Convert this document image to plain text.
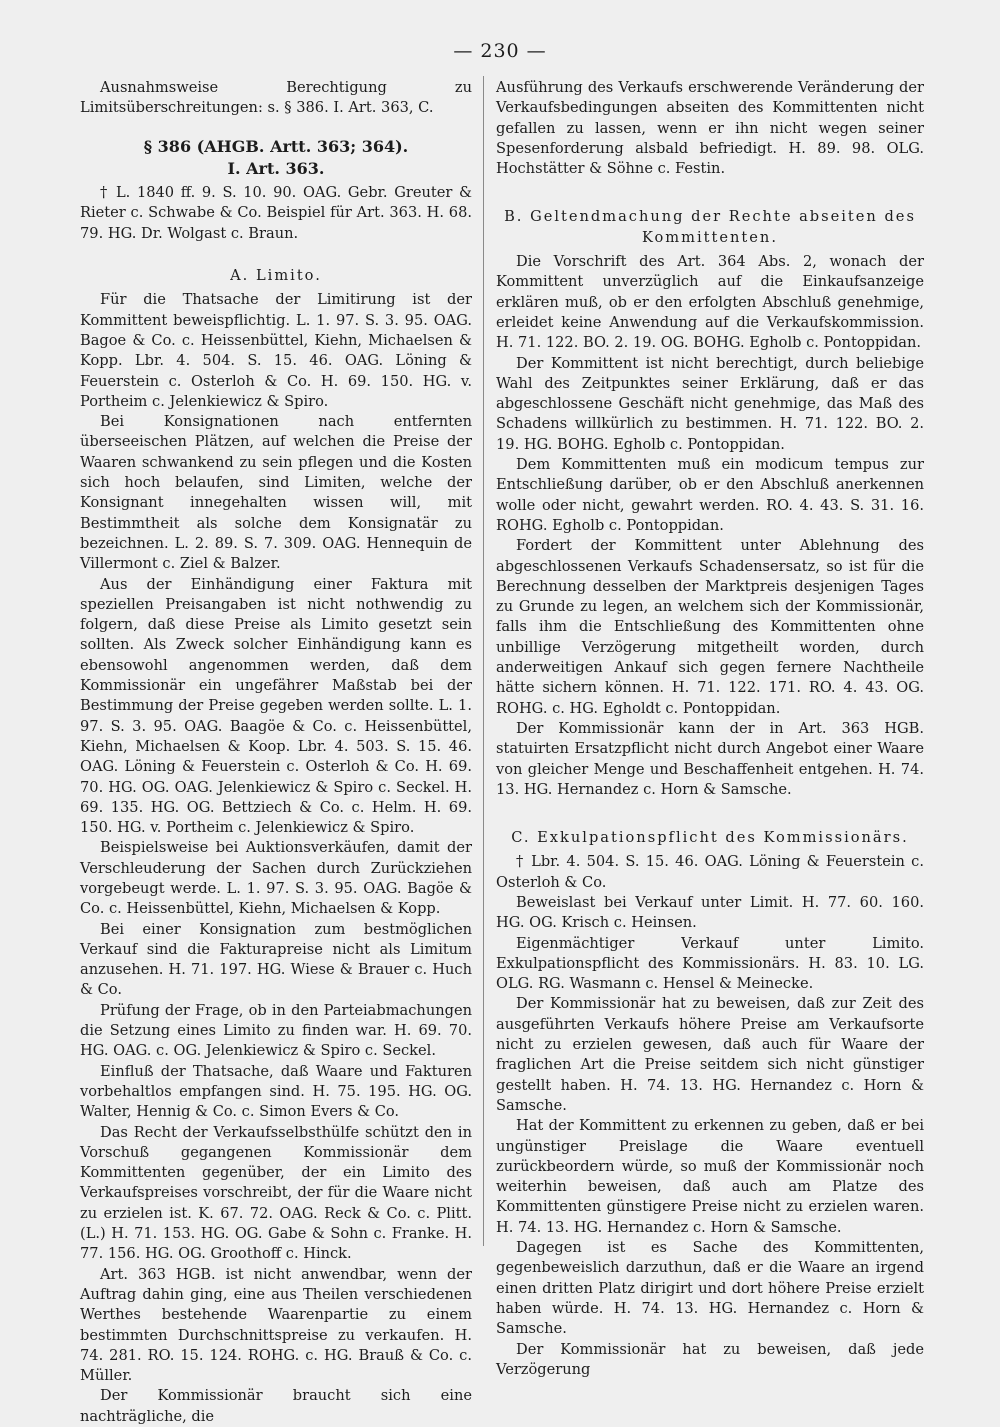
— 230 —

Ausnahmsweise Berechtigung zu Limitsüberschreitungen: s. § 386. I. Art. 363, C.

§ 386 (AHGB. Artt. 363; 364).

I. Art. 363.

† L. 1840 ff. 9. S. 10. 90. OAG. Gebr. Greuter & Rieter c. Schwabe & Co. Beispiel für Art. 363. H. 68. 79. HG. Dr. Wolgast c. Braun.

A. Limito.

Für die Thatsache der Limitirung ist der Kommittent beweispflichtig. L. 1. 97. S. 3. 95. OAG. Bagoe & Co. c. Heissenbüttel, Kiehn, Michaelsen & Kopp. Lbr. 4. 504. S. 15. 46. OAG. Löning & Feuerstein c. Osterloh & Co. H. 69. 150. HG. v. Portheim c. Jelenkiewicz & Spiro.

Bei Konsignationen nach entfernten überseeischen Plätzen, auf welchen die Preise der Waaren schwankend zu sein pflegen und die Kosten sich hoch belaufen, sind Limiten, welche der Konsignant innegehalten wissen will, mit Bestimmtheit als solche dem Konsignatär zu bezeichnen. L. 2. 89. S. 7. 309. OAG. Hennequin de Villermont c. Ziel & Balzer.

Aus der Einhändigung einer Faktura mit speziellen Preisangaben ist nicht nothwendig zu folgern, daß diese Preise als Limito gesetzt sein sollten. Als Zweck solcher Einhändigung kann es ebensowohl angenommen werden, daß dem Kommissionär ein ungefährer Maßstab bei der Bestimmung der Preise gegeben werden sollte. L. 1. 97. S. 3. 95. OAG. Baagöe & Co. c. Heissenbüttel, Kiehn, Michaelsen & Koop. Lbr. 4. 503. S. 15. 46. OAG. Löning & Feuerstein c. Osterloh & Co. H. 69. 70. HG. OG. OAG. Jelenkiewicz & Spiro c. Seckel. H. 69. 135. HG. OG. Bettziech & Co. c. Helm. H. 69. 150. HG. v. Portheim c. Jelenkiewicz & Spiro.

Beispielsweise bei Auktionsverkäufen, damit der Verschleuderung der Sachen durch Zurückziehen vorgebeugt werde. L. 1. 97. S. 3. 95. OAG. Bagöe & Co. c. Heissenbüttel, Kiehn, Michaelsen & Kopp.

Bei einer Konsignation zum bestmöglichen Verkauf sind die Fakturapreise nicht als Limitum anzusehen. H. 71. 197. HG. Wiese & Brauer c. Huch & Co.

Prüfung der Frage, ob in den Parteiabmachungen die Setzung eines Limito zu finden war. H. 69. 70. HG. OAG. c. OG. Jelenkiewicz & Spiro c. Seckel.

Einfluß der Thatsache, daß Waare und Fakturen vorbehaltlos empfangen sind. H. 75. 195. HG. OG. Walter, Hennig & Co. c. Simon Evers & Co.

Das Recht der Verkaufsselbsthülfe schützt den in Vorschuß gegangenen Kommissionär dem Kommittenten gegenüber, der ein Limito des Verkaufspreises vorschreibt, der für die Waare nicht zu erzielen ist. K. 67. 72. OAG. Reck & Co. c. Plitt. (L.) H. 71. 153. HG. OG. Gabe & Sohn c. Franke. H. 77. 156. HG. OG. Groothoff c. Hinck.

Art. 363 HGB. ist nicht anwendbar, wenn der Auftrag dahin ging, eine aus Theilen verschiedenen Werthes bestehende Waarenpartie zu einem bestimmten Durchschnittspreise zu verkaufen. H. 74. 281. RO. 15. 124. ROHG. c. HG. Brauß & Co. c. Müller.

Der Kommissionär braucht sich eine nachträgliche, die

Ausführung des Verkaufs erschwerende Veränderung der Verkaufsbedingungen abseiten des Kommittenten nicht gefallen zu lassen, wenn er ihn nicht wegen seiner Spesenforderung alsbald befriedigt. H. 89. 98. OLG. Hochstätter & Söhne c. Festin.

B. Geltendmachung der Rechte abseiten des Kommittenten.

Die Vorschrift des Art. 364 Abs. 2, wonach der Kommittent unverzüglich auf die Einkaufsanzeige erklären muß, ob er den erfolgten Abschluß genehmige, erleidet keine Anwendung auf die Verkaufskommission. H. 71. 122. BO. 2. 19. OG. BOHG. Egholb c. Pontoppidan.

Der Kommittent ist nicht berechtigt, durch beliebige Wahl des Zeitpunktes seiner Erklärung, daß er das abgeschlossene Geschäft nicht genehmige, das Maß des Schadens willkürlich zu bestimmen. H. 71. 122. BO. 2. 19. HG. BOHG. Egholb c. Pontoppidan.

Dem Kommittenten muß ein modicum tempus zur Entschließung darüber, ob er den Abschluß anerkennen wolle oder nicht, gewahrt werden. RO. 4. 43. S. 31. 16. ROHG. Egholb c. Pontoppidan.

Fordert der Kommittent unter Ablehnung des abgeschlossenen Verkaufs Schadensersatz, so ist für die Berechnung desselben der Marktpreis desjenigen Tages zu Grunde zu legen, an welchem sich der Kommissionär, falls ihm die Entschließung des Kommittenten ohne unbillige Verzögerung mitgetheilt worden, durch anderweitigen Ankauf sich gegen fernere Nachtheile hätte sichern können. H. 71. 122. 171. RO. 4. 43. OG. ROHG. c. HG. Egholdt c. Pontoppidan.

Der Kommissionär kann der in Art. 363 HGB. statuirten Ersatzpflicht nicht durch Angebot einer Waare von gleicher Menge und Beschaffenheit entgehen. H. 74. 13. HG. Hernandez c. Horn & Samsche.

C. Exkulpationspflicht des Kommissionärs.

† Lbr. 4. 504. S. 15. 46. OAG. Löning & Feuerstein c. Osterloh & Co.

Beweislast bei Verkauf unter Limit. H. 77. 60. 160. HG. OG. Krisch c. Heinsen.

Eigenmächtiger Verkauf unter Limito. Exkulpationspflicht des Kommissionärs. H. 83. 10. LG. OLG. RG. Wasmann c. Hensel & Meinecke.

Der Kommissionär hat zu beweisen, daß zur Zeit des ausgeführten Verkaufs höhere Preise am Verkaufsorte nicht zu erzielen gewesen, daß auch für Waare der fraglichen Art die Preise seitdem sich nicht günstiger gestellt haben. H. 74. 13. HG. Hernandez c. Horn & Samsche.

Hat der Kommittent zu erkennen zu geben, daß er bei ungünstiger Preislage die Waare eventuell zurückbeordern würde, so muß der Kommissionär noch weiterhin beweisen, daß auch am Platze des Kommittenten günstigere Preise nicht zu erzielen waren. H. 74. 13. HG. Hernandez c. Horn & Samsche.

Dagegen ist es Sache des Kommittenten, gegenbeweislich darzuthun, daß er die Waare an irgend einen dritten Platz dirigirt und dort höhere Preise erzielt haben würde. H. 74. 13. HG. Hernandez c. Horn & Samsche.

Der Kommissionär hat zu beweisen, daß jede Verzögerung
